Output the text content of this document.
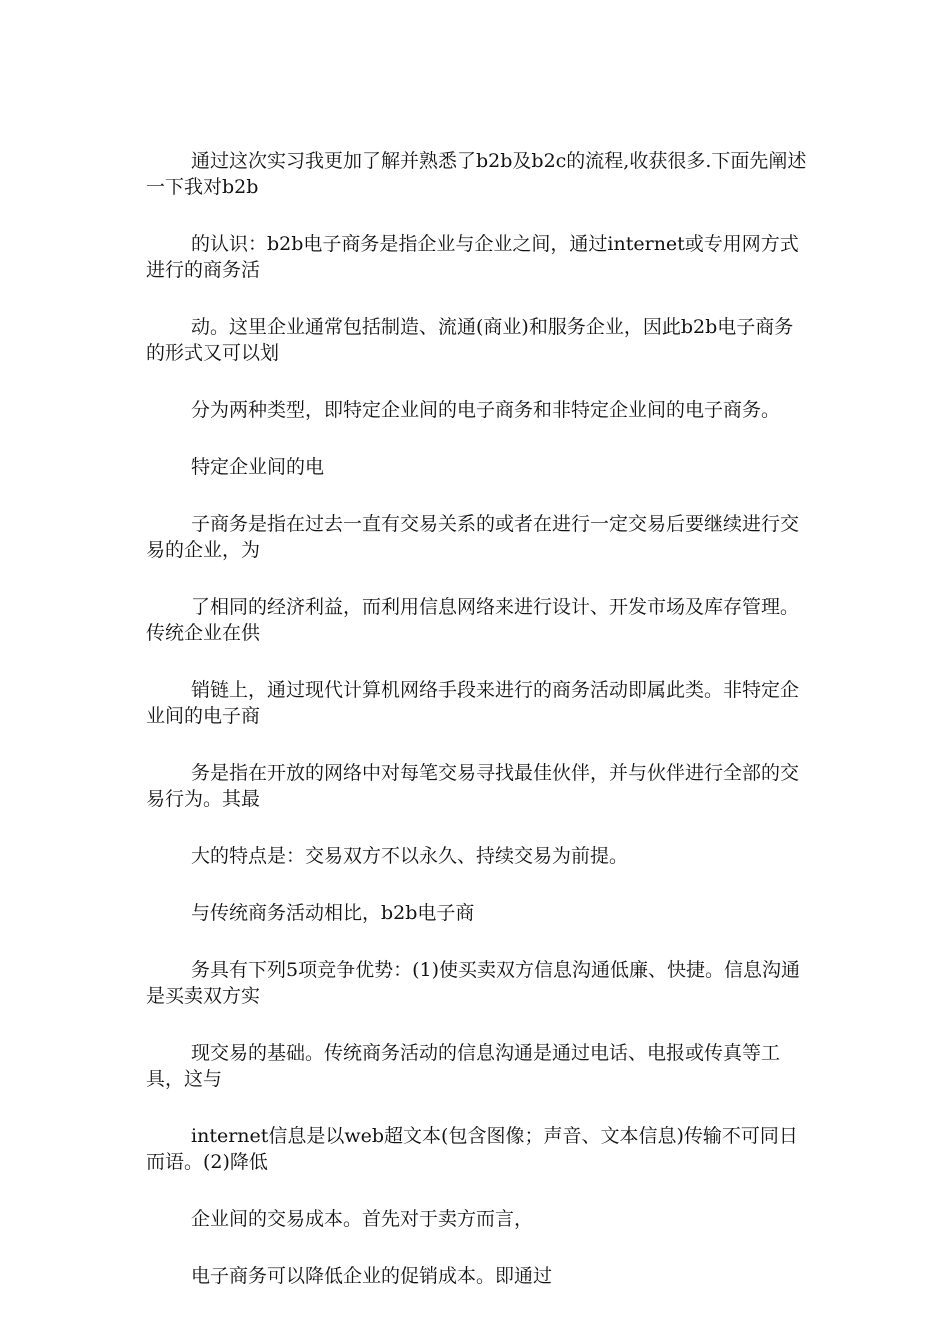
通过这次实习我更加了解并熟悉了b2b及b2c的流程,收获很多.下面先阐述一下我对b2b

的认识：b2b电子商务是指企业与企业之间，通过internet或专用网方式进行的商务活

动。这里企业通常包括制造、流通(商业)和服务企业，因此b2b电子商务的形式又可以划

分为两种类型，即特定企业间的电子商务和非特定企业间的电子商务。

特定企业间的电

子商务是指在过去一直有交易关系的或者在进行一定交易后要继续进行交易的企业，为

了相同的经济利益，而利用信息网络来进行设计、开发市场及库存管理。传统企业在供

销链上，通过现代计算机网络手段来进行的商务活动即属此类。非特定企业间的电子商

务是指在开放的网络中对每笔交易寻找最佳伙伴，并与伙伴进行全部的交易行为。其最

大的特点是：交易双方不以永久、持续交易为前提。

与传统商务活动相比，b2b电子商

务具有下列5项竞争优势：(1)使买卖双方信息沟通低廉、快捷。信息沟通是买卖双方实

现交易的基础。传统商务活动的信息沟通是通过电话、电报或传真等工具，这与

internet信息是以web超文本(包含图像；声音、文本信息)传输不可同日而语。(2)降低

企业间的交易成本。首先对于卖方而言，

电子商务可以降低企业的促销成本。即通过
